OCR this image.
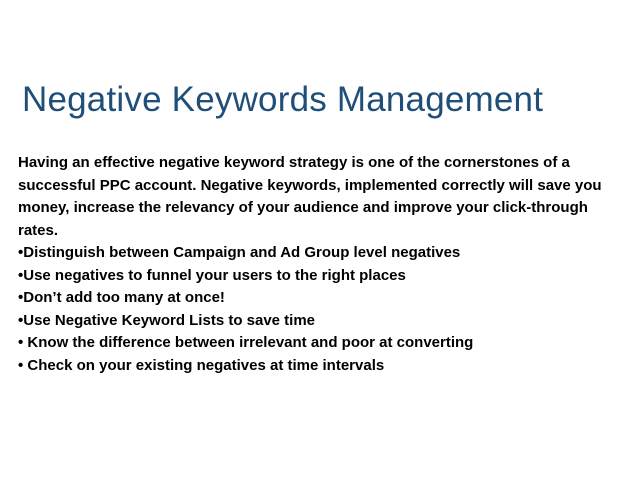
Negative Keywords Management

Having an effective negative keyword strategy is one of the cornerstones of a successful PPC account. Negative keywords, implemented correctly will save you money, increase the relevancy of your audience and improve your click-through rates.

•Distinguish between Campaign and Ad Group level negatives
•Use negatives to funnel your users to the right places
•Don’t add too many at once!
•Use Negative Keyword Lists to save time
• Know the difference between irrelevant and poor at converting
• Check on your existing negatives at time intervals
